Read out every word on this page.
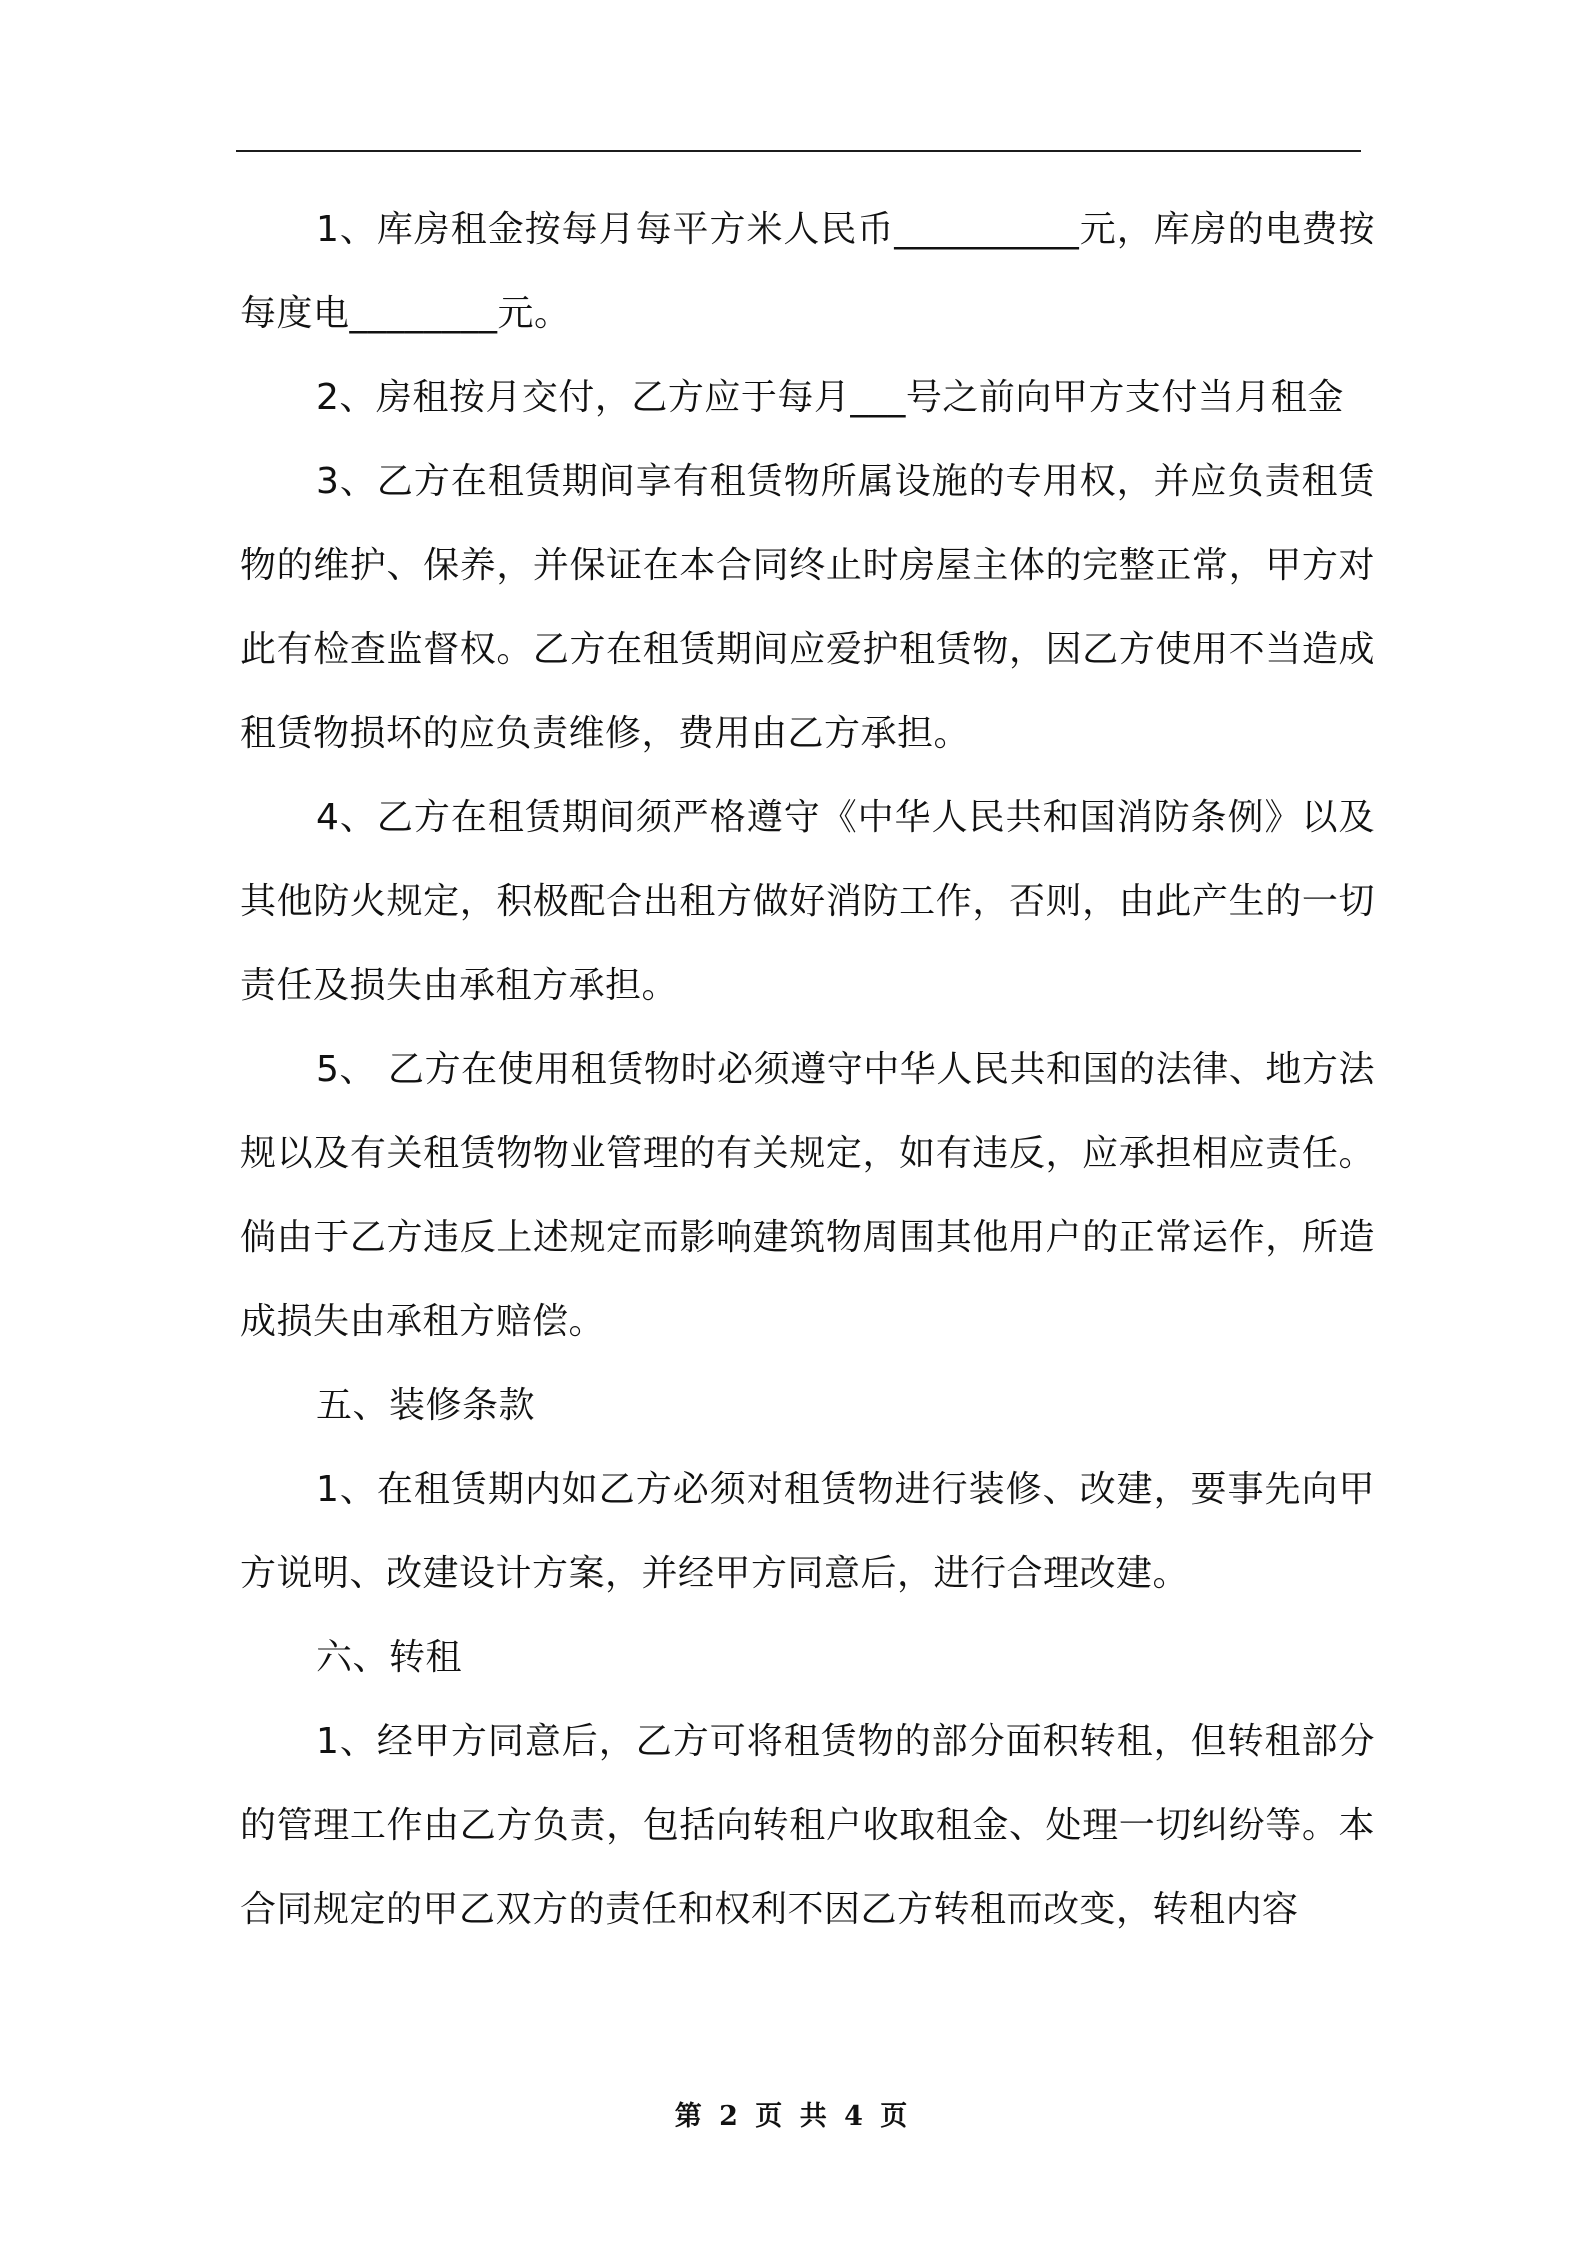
1、库房租金按每月每平方米人民币__________元，库房的电费按每度电________元。

2、房租按月交付，乙方应于每月___号之前向甲方支付当月租金

3、乙方在租赁期间享有租赁物所属设施的专用权，并应负责租赁物的维护、保养，并保证在本合同终止时房屋主体的完整正常，甲方对此有检查监督权。乙方在租赁期间应爱护租赁物，因乙方使用不当造成租赁物损坏的应负责维修，费用由乙方承担。

4、乙方在租赁期间须严格遵守《中华人民共和国消防条例》以及其他防火规定，积极配合出租方做好消防工作，否则，由此产生的一切责任及损失由承租方承担。

5、 乙方在使用租赁物时必须遵守中华人民共和国的法律、地方法规以及有关租赁物物业管理的有关规定，如有违反，应承担相应责任。倘由于乙方违反上述规定而影响建筑物周围其他用户的正常运作，所造成损失由承租方赔偿。

五、装修条款

1、在租赁期内如乙方必须对租赁物进行装修、改建，要事先向甲方说明、改建设计方案，并经甲方同意后，进行合理改建。

六、转租

1、经甲方同意后，乙方可将租赁物的部分面积转租，但转租部分的管理工作由乙方负责，包括向转租户收取租金、处理一切纠纷等。本合同规定的甲乙双方的责任和权利不因乙方转租而改变，转租内容

第 2 页 共 4 页
